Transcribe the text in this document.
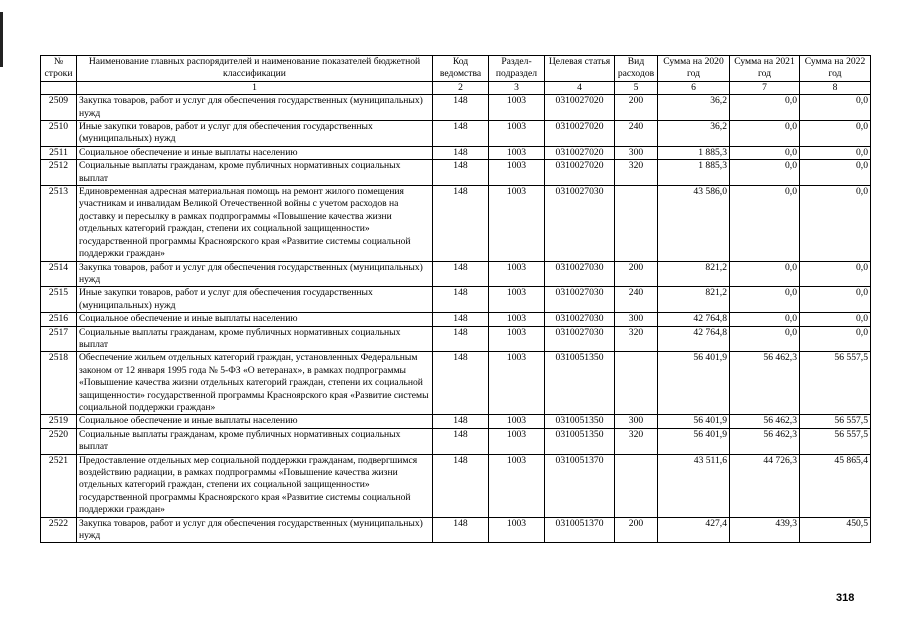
№ строки	Наименование главных распорядителей и наименование показателей бюджетной классификации	Код ведомства	Раздел-подраздел	Целевая статья	Вид расходов	Сумма на 2020 год	Сумма на 2021 год	Сумма на 2022 год
	1	2	3	4	5	6	7	8
2509	Закупка товаров, работ и услуг для обеспечения государственных (муниципальных) нужд	148	1003	0310027020	200	36,2	0,0	0,0
2510	Иные закупки товаров, работ и услуг для обеспечения государственных (муниципальных) нужд	148	1003	0310027020	240	36,2	0,0	0,0
2511	Социальное обеспечение и иные выплаты населению	148	1003	0310027020	300	1 885,3	0,0	0,0
2512	Социальные выплаты гражданам, кроме публичных нормативных социальных выплат	148	1003	0310027020	320	1 885,3	0,0	0,0
2513	Единовременная адресная материальная помощь на ремонт жилого помещения участникам и инвалидам Великой Отечественной войны с учетом расходов на доставку и пересылку в рамках подпрограммы «Повышение качества жизни отдельных категорий граждан, степени их социальной защищенности» государственной программы Красноярского края «Развитие системы социальной поддержки граждан»	148	1003	0310027030		43 586,0	0,0	0,0
2514	Закупка товаров, работ и услуг для обеспечения государственных (муниципальных) нужд	148	1003	0310027030	200	821,2	0,0	0,0
2515	Иные закупки товаров, работ и услуг для обеспечения государственных (муниципальных) нужд	148	1003	0310027030	240	821,2	0,0	0,0
2516	Социальное обеспечение и иные выплаты населению	148	1003	0310027030	300	42 764,8	0,0	0,0
2517	Социальные выплаты гражданам, кроме публичных нормативных социальных выплат	148	1003	0310027030	320	42 764,8	0,0	0,0
2518	Обеспечение жильем отдельных категорий граждан, установленных Федеральным законом от 12 января 1995 года № 5-ФЗ «О ветеранах», в рамках подпрограммы «Повышение качества жизни отдельных категорий граждан, степени их социальной защищенности» государственной программы Красноярского края «Развитие системы социальной поддержки граждан»	148	1003	0310051350		56 401,9	56 462,3	56 557,5
2519	Социальное обеспечение и иные выплаты населению	148	1003	0310051350	300	56 401,9	56 462,3	56 557,5
2520	Социальные выплаты гражданам, кроме публичных нормативных социальных выплат	148	1003	0310051350	320	56 401,9	56 462,3	56 557,5
2521	Предоставление отдельных мер социальной поддержки гражданам, подвергшимся воздействию радиации, в рамках подпрограммы «Повышение качества жизни отдельных категорий граждан, степени их социальной защищенности» государственной программы Красноярского края «Развитие системы социальной поддержки граждан»	148	1003	0310051370		43 511,6	44 726,3	45 865,4
2522	Закупка товаров, работ и услуг для обеспечения государственных (муниципальных) нужд	148	1003	0310051370	200	427,4	439,3	450,5
318
